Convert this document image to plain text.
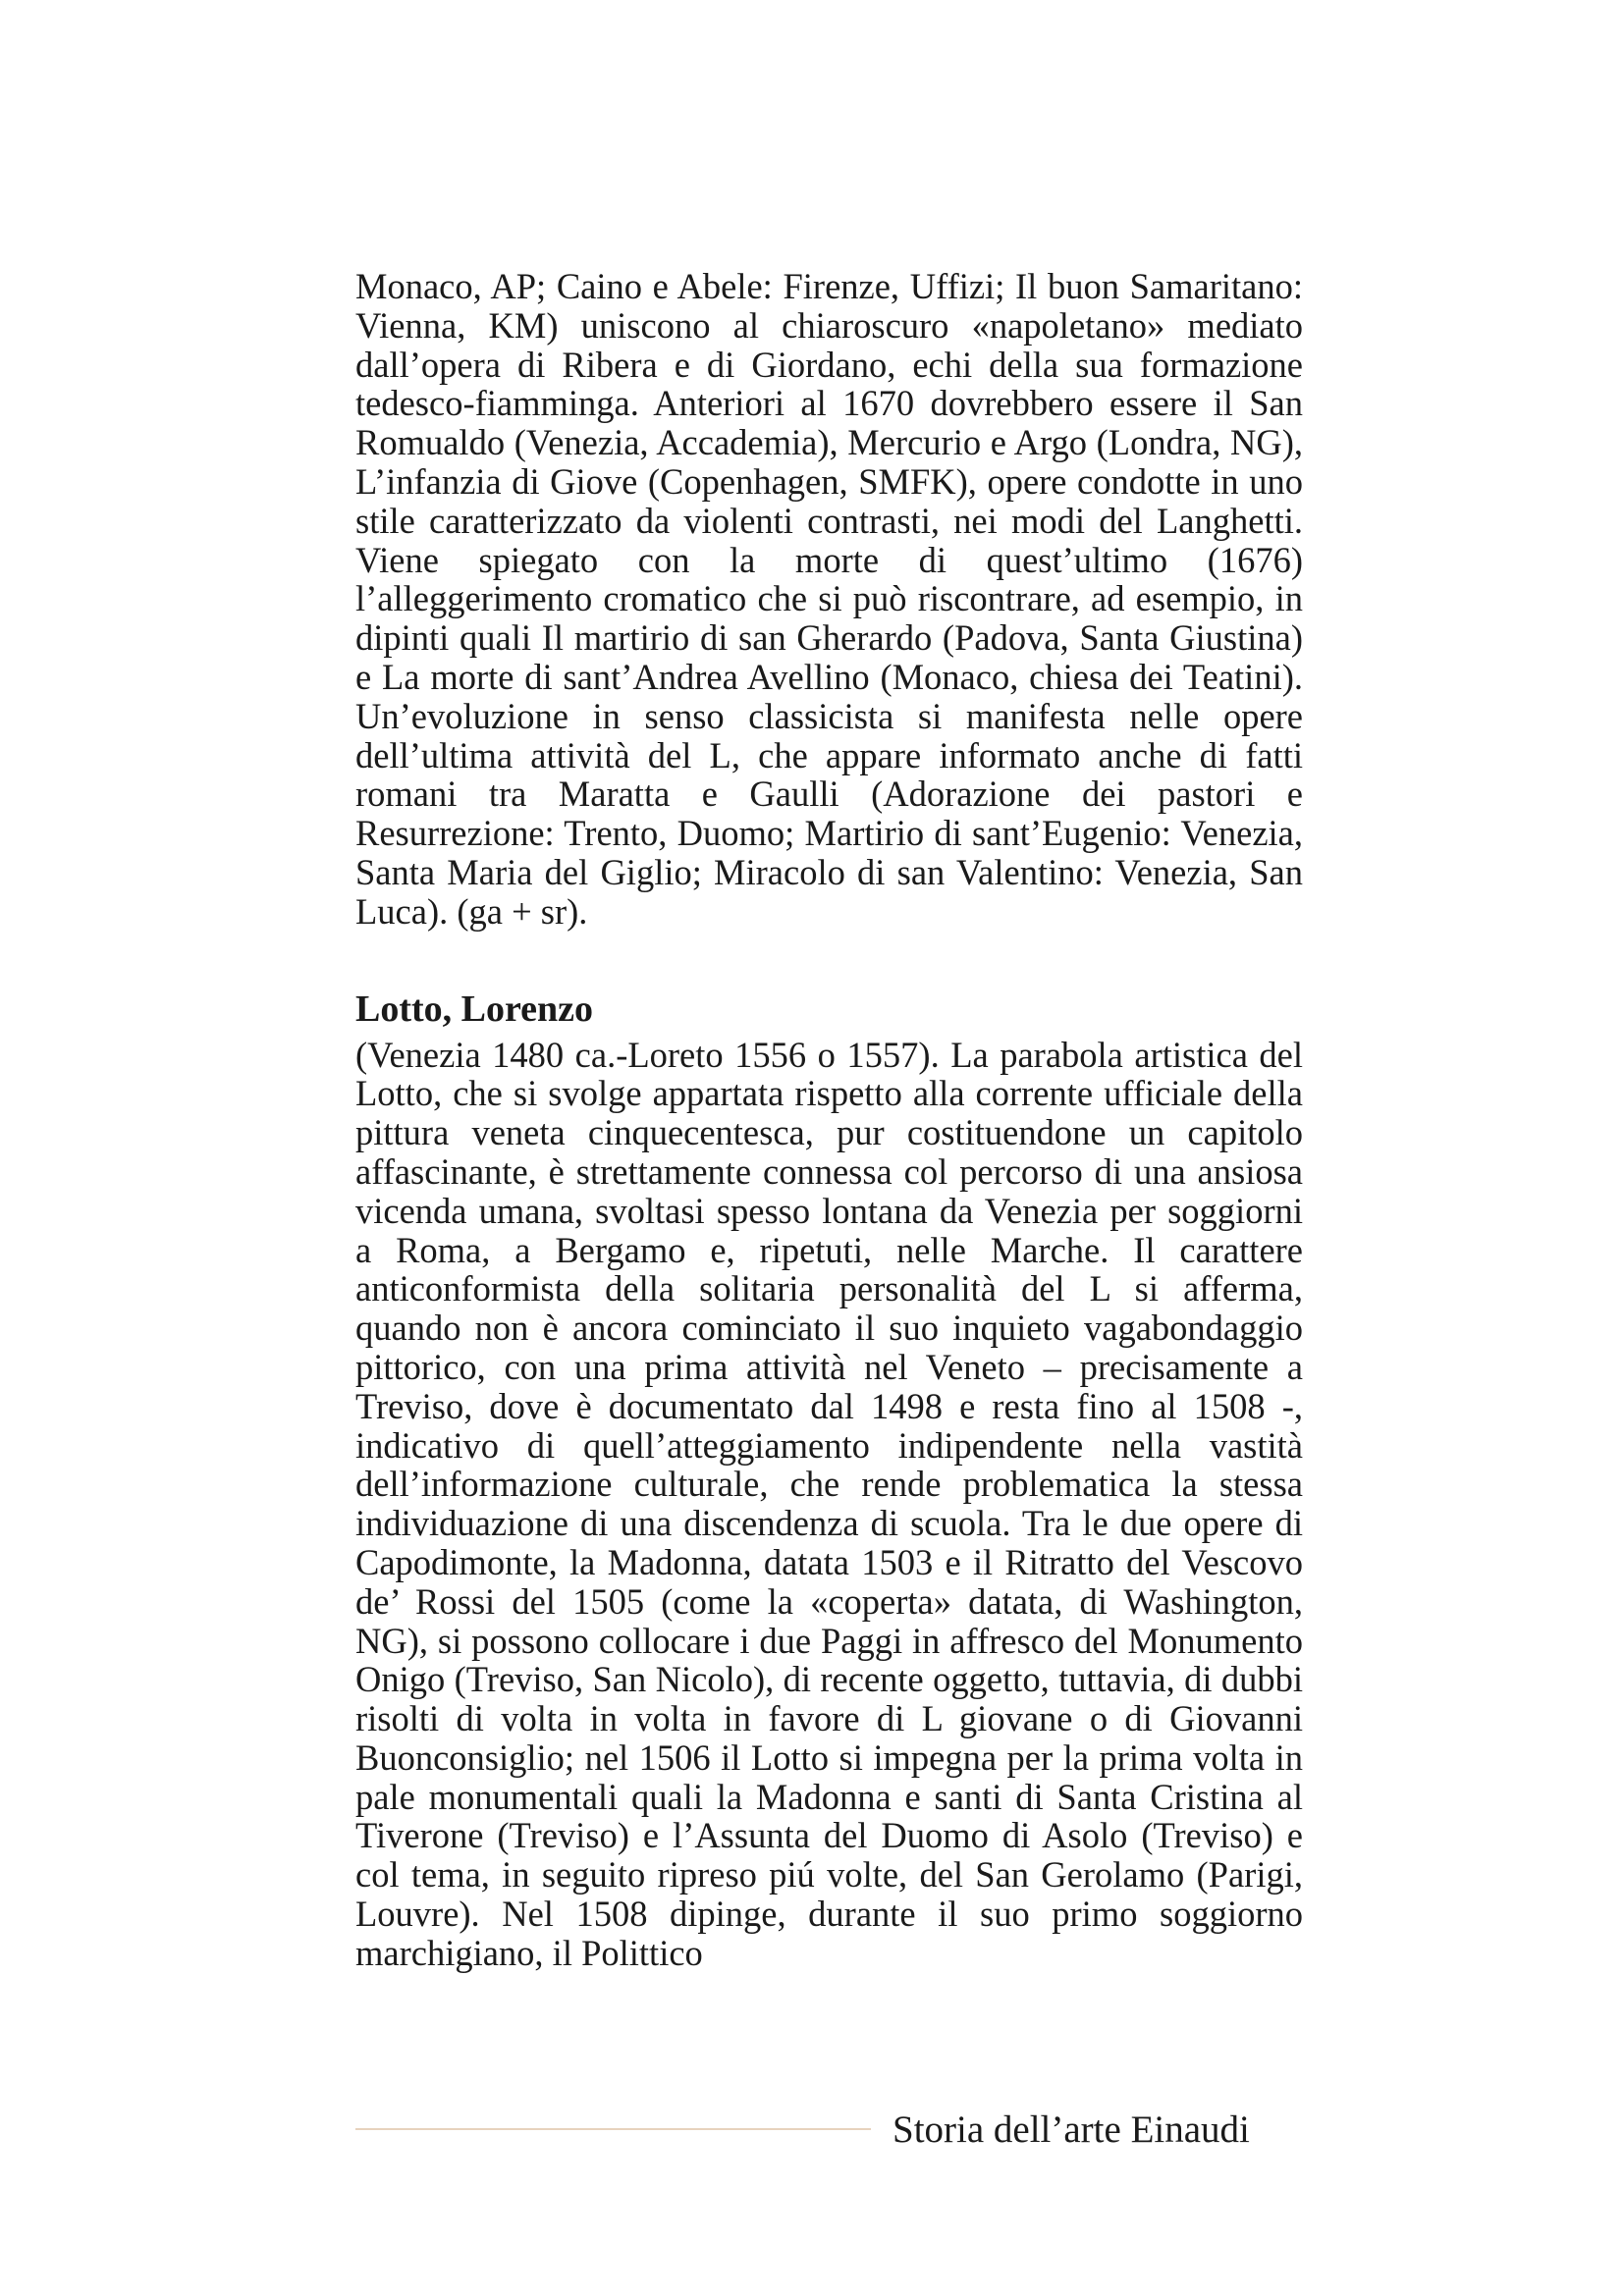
Monaco, AP; Caino e Abele: Firenze, Uffizi; Il buon Samaritano: Vienna, KM) uniscono al chiaroscuro «napoletano» mediato dall’opera di Ribera e di Giordano, echi della sua formazione tedesco-fiamminga. Anteriori al 1670 dovrebbero essere il San Romualdo (Venezia, Accademia), Mercurio e Argo (Londra, NG), L’infanzia di Giove (Copenhagen, SMFK), opere condotte in uno stile caratterizzato da violenti contrasti, nei modi del Langhetti. Viene spiegato con la morte di quest’ultimo (1676) l’alleggerimento cromatico che si può riscontrare, ad esempio, in dipinti quali Il martirio di san Gherardo (Padova, Santa Giustina) e La morte di sant’Andrea Avellino (Monaco, chiesa dei Teatini). Un’evoluzione in senso classicista si manifesta nelle opere dell’ultima attività del L, che appare informato anche di fatti romani tra Maratta e Gaulli (Adorazione dei pastori e Resurrezione: Trento, Duomo; Martirio di sant’Eugenio: Venezia, Santa Maria del Giglio; Miracolo di san Valentino: Venezia, San Luca). (ga + sr).

Lotto, Lorenzo

(Venezia 1480 ca.-Loreto 1556 o 1557). La parabola artistica del Lotto, che si svolge appartata rispetto alla corrente ufficiale della pittura veneta cinquecentesca, pur costituendone un capitolo affascinante, è strettamente connessa col percorso di una ansiosa vicenda umana, svoltasi spesso lontana da Venezia per soggiorni a Roma, a Bergamo e, ripetuti, nelle Marche. Il carattere anticonformista della solitaria personalità del L si afferma, quando non è ancora cominciato il suo inquieto vagabondaggio pittorico, con una prima attività nel Veneto – precisamente a Treviso, dove è documentato dal 1498 e resta fino al 1508 -, indicativo di quell’atteggiamento indipendente nella vastità dell’informazione culturale, che rende problematica la stessa individuazione di una discendenza di scuola. Tra le due opere di Capodimonte, la Madonna, datata 1503 e il Ritratto del Vescovo de’ Rossi del 1505 (come la «coperta» datata, di Washington, NG), si possono collocare i due Paggi in affresco del Monumento Onigo (Treviso, San Nicolo), di recente oggetto, tuttavia, di dubbi risolti di volta in volta in favore di L giovane o di Giovanni Buonconsiglio; nel 1506 il Lotto si impegna per la prima volta in pale monumentali quali la Madonna e santi di Santa Cristina al Tiverone (Treviso) e l’Assunta del Duomo di Asolo (Treviso) e col tema, in seguito ripreso piú volte, del San Gerolamo (Parigi, Louvre). Nel 1508 dipinge, durante il suo primo soggiorno marchigiano, il Polittico

Storia dell’arte Einaudi
